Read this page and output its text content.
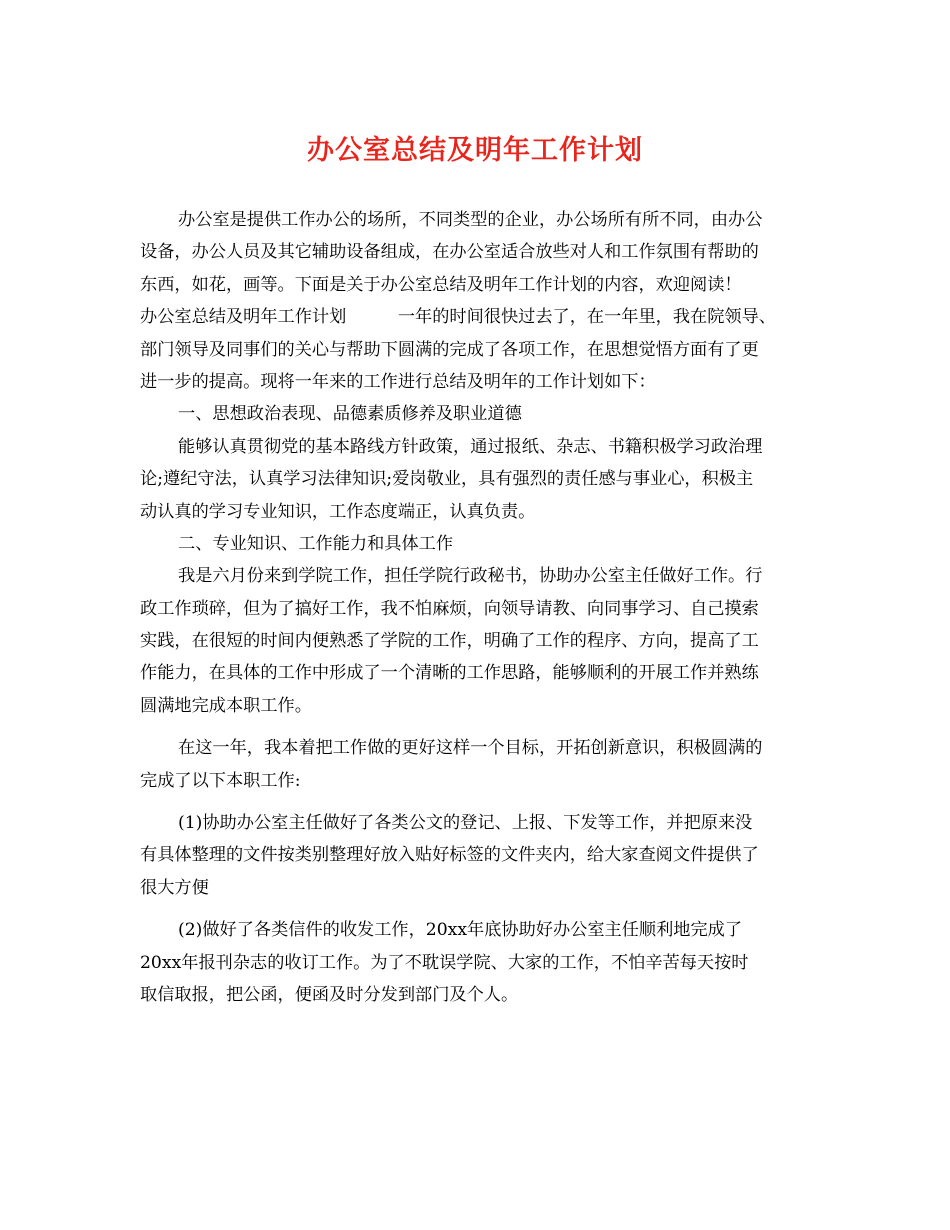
办公室总结及明年工作计划
办公室是提供工作办公的场所，不同类型的企业，办公场所有所不同，由办公
设备，办公人员及其它辅助设备组成，在办公室适合放些对人和工作氛围有帮助的
东西，如花，画等。下面是关于办公室总结及明年工作计划的内容，欢迎阅读！
办公室总结及明年工作计划　　　一年的时间很快过去了，在一年里，我在院领导、
部门领导及同事们的关心与帮助下圆满的完成了各项工作，在思想觉悟方面有了更
进一步的提高。现将一年来的工作进行总结及明年的工作计划如下：
一、思想政治表现、品德素质修养及职业道德
能够认真贯彻党的基本路线方针政策，通过报纸、杂志、书籍积极学习政治理
论;遵纪守法，认真学习法律知识;爱岗敬业，具有强烈的责任感与事业心，积极主
动认真的学习专业知识，工作态度端正，认真负责。
二、专业知识、工作能力和具体工作
我是六月份来到学院工作，担任学院行政秘书，协助办公室主任做好工作。行
政工作琐碎，但为了搞好工作，我不怕麻烦，向领导请教、向同事学习、自己摸索
实践，在很短的时间内便熟悉了学院的工作，明确了工作的程序、方向，提高了工
作能力，在具体的工作中形成了一个清晰的工作思路，能够顺利的开展工作并熟练
圆满地完成本职工作。
在这一年，我本着把工作做的更好这样一个目标，开拓创新意识，积极圆满的
完成了以下本职工作:
(1)协助办公室主任做好了各类公文的登记、上报、下发等工作，并把原来没
有具体整理的文件按类别整理好放入贴好标签的文件夹内，给大家查阅文件提供了
很大方便
(2)做好了各类信件的收发工作，20xx年底协助好办公室主任顺利地完成了
20xx年报刊杂志的收订工作。为了不耽误学院、大家的工作，不怕辛苦每天按时
取信取报，把公函，便函及时分发到部门及个人。
